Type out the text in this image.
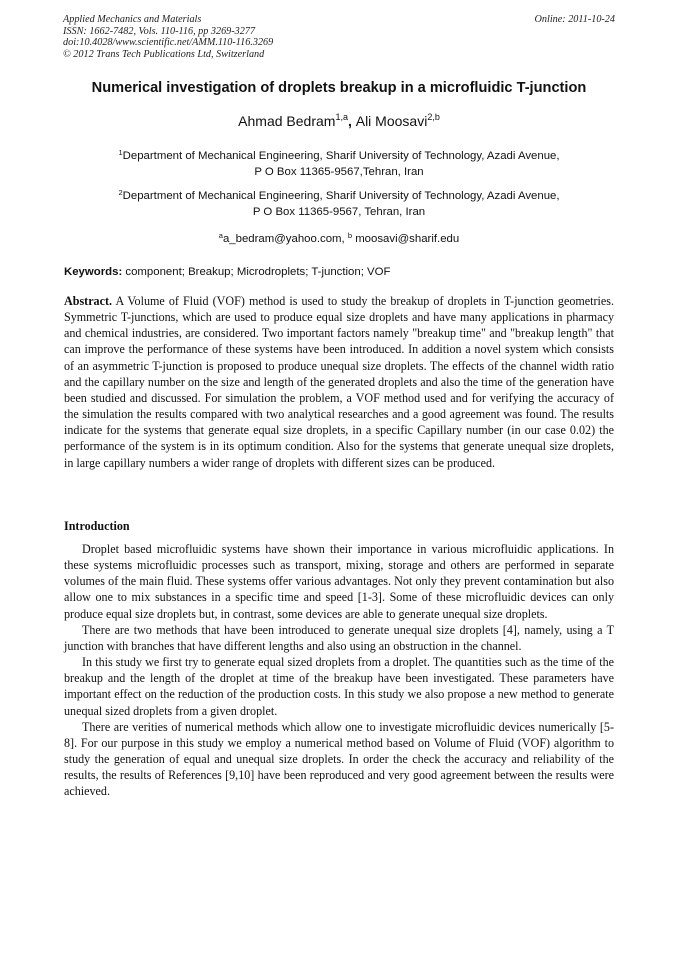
Applied Mechanics and Materials
ISSN: 1662-7482, Vols. 110-116, pp 3269-3277
doi:10.4028/www.scientific.net/AMM.110-116.3269
© 2012 Trans Tech Publications Ltd, Switzerland
Online: 2011-10-24
Numerical investigation of droplets breakup in a microfluidic T-junction
Ahmad Bedram$^{1,a}$, Ali Moosavi$^{2,b}$
$^1$Department of Mechanical Engineering, Sharif University of Technology, Azadi Avenue,
P O Box 11365-9567,Tehran, Iran
$^2$Department of Mechanical Engineering, Sharif University of Technology, Azadi Avenue,
P O Box 11365-9567, Tehran, Iran
$^a$a_bedram@yahoo.com, $^b$ moosavi@sharif.edu
Keywords: component; Breakup; Microdroplets; T-junction; VOF
Abstract. A Volume of Fluid (VOF) method is used to study the breakup of droplets in T-junction geometries. Symmetric T-junctions, which are used to produce equal size droplets and have many applications in pharmacy and chemical industries, are considered. Two important factors namely "breakup time" and "breakup length" that can improve the performance of these systems have been introduced. In addition a novel system which consists of an asymmetric T-junction is proposed to produce unequal size droplets. The effects of the channel width ratio and the capillary number on the size and length of the generated droplets and also the time of the generation have been studied and discussed. For simulation the problem, a VOF method used and for verifying the accuracy of the simulation the results compared with two analytical researches and a good agreement was found. The results indicate for the systems that generate equal size droplets, in a specific Capillary number (in our case 0.02) the performance of the system is in its optimum condition. Also for the systems that generate unequal size droplets, in large capillary numbers a wider range of droplets with different sizes can be produced.
Introduction

Droplet based microfluidic systems have shown their importance in various microfluidic applications. In these systems microfluidic processes such as transport, mixing, storage and others are performed in separate volumes of the main fluid. These systems offer various advantages. Not only they prevent contamination but also allow one to mix substances in a specific time and speed [1-3]. Some of these microfluidic devices can only produce equal size droplets but, in contrast, some devices are able to generate unequal size droplets.

There are two methods that have been introduced to generate unequal size droplets [4], namely, using a T junction with branches that have different lengths and also using an obstruction in the channel.

In this study we first try to generate equal sized droplets from a droplet. The quantities such as the time of the breakup and the length of the droplet at time of the breakup have been investigated. These parameters have important effect on the reduction of the production costs. In this study we also propose a new method to generate unequal sized droplets from a given droplet.

There are verities of numerical methods which allow one to investigate microfluidic devices numerically [5-8]. For our purpose in this study we employ a numerical method based on Volume of Fluid (VOF) algorithm to study the generation of equal and unequal size droplets. In order the check the accuracy and reliability of the results, the results of References [9,10] have been reproduced and very good agreement between the results were achieved.
